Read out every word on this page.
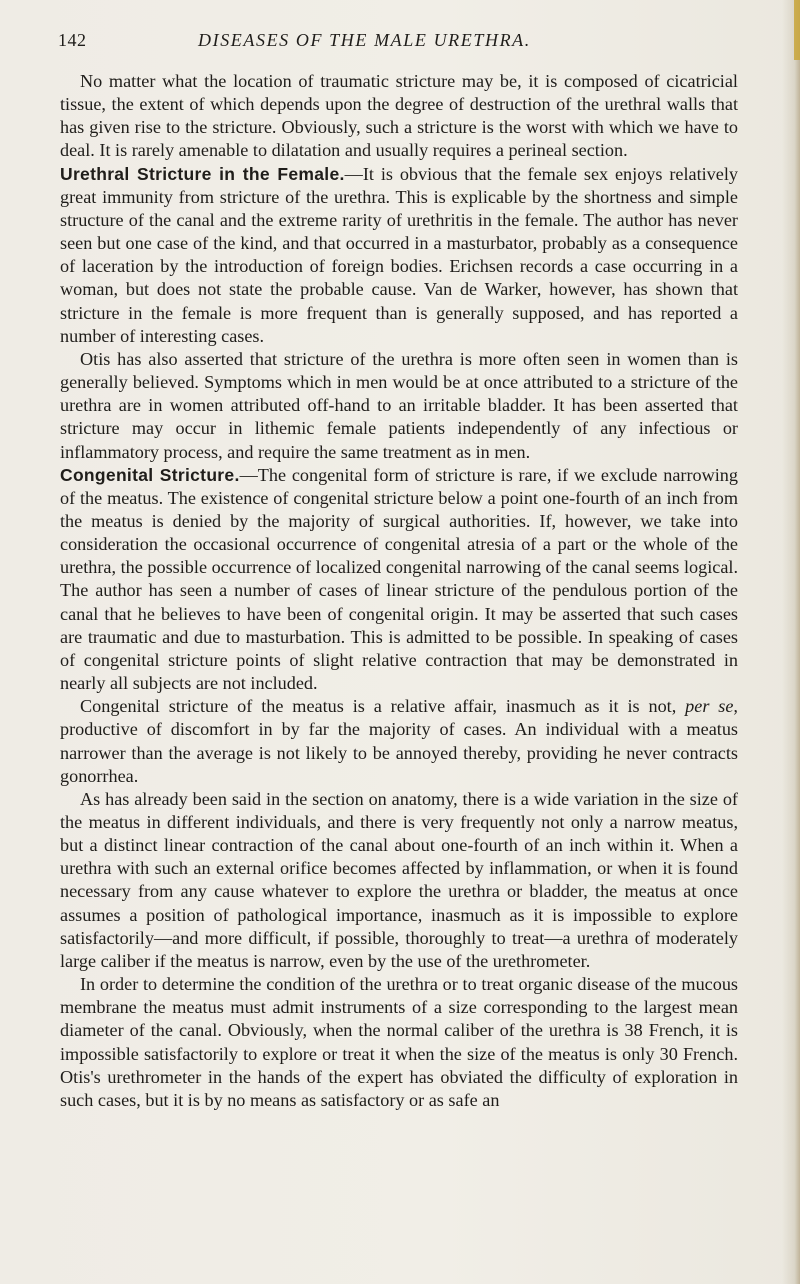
142	DISEASES OF THE MALE URETHRA.

No matter what the location of traumatic stricture may be, it is composed of cicatricial tissue, the extent of which depends upon the degree of destruction of the urethral walls that has given rise to the stricture. Obviously, such a stricture is the worst with which we have to deal. It is rarely amenable to dilatation and usually requires a perineal section.

Urethral Stricture in the Female.—It is obvious that the female sex enjoys relatively great immunity from stricture of the urethra. This is explicable by the shortness and simple structure of the canal and the extreme rarity of urethritis in the female. The author has never seen but one case of the kind, and that occurred in a masturbator, probably as a consequence of laceration by the introduction of foreign bodies. Erichsen records a case occurring in a woman, but does not state the probable cause. Van de Warker, however, has shown that stricture in the female is more frequent than is generally supposed, and has reported a number of interesting cases.

Otis has also asserted that stricture of the urethra is more often seen in women than is generally believed. Symptoms which in men would be at once attributed to a stricture of the urethra are in women attributed off-hand to an irritable bladder. It has been asserted that stricture may occur in lithemic female patients independently of any infectious or inflammatory process, and require the same treatment as in men.

Congenital Stricture.—The congenital form of stricture is rare, if we exclude narrowing of the meatus. The existence of congenital stricture below a point one-fourth of an inch from the meatus is denied by the majority of surgical authorities. If, however, we take into consideration the occasional occurrence of congenital atresia of a part or the whole of the urethra, the possible occurrence of localized congenital narrowing of the canal seems logical. The author has seen a number of cases of linear stricture of the pendulous portion of the canal that he believes to have been of congenital origin. It may be asserted that such cases are traumatic and due to masturbation. This is admitted to be possible. In speaking of cases of congenital stricture points of slight relative contraction that may be demonstrated in nearly all subjects are not included.

Congenital stricture of the meatus is a relative affair, inasmuch as it is not, per se, productive of discomfort in by far the majority of cases. An individual with a meatus narrower than the average is not likely to be annoyed thereby, providing he never contracts gonorrhea.

As has already been said in the section on anatomy, there is a wide variation in the size of the meatus in different individuals, and there is very frequently not only a narrow meatus, but a distinct linear contraction of the canal about one-fourth of an inch within it. When a urethra with such an external orifice becomes affected by inflammation, or when it is found necessary from any cause whatever to explore the urethra or bladder, the meatus at once assumes a position of pathological importance, inasmuch as it is impossible to explore satisfactorily—and more difficult, if possible, thoroughly to treat—a urethra of moderately large caliber if the meatus is narrow, even by the use of the urethrometer.

In order to determine the condition of the urethra or to treat organic disease of the mucous membrane the meatus must admit instruments of a size corresponding to the largest mean diameter of the canal. Obviously, when the normal caliber of the urethra is 38 French, it is impossible satisfactorily to explore or treat it when the size of the meatus is only 30 French. Otis's urethrometer in the hands of the expert has obviated the difficulty of exploration in such cases, but it is by no means as satisfactory or as safe an
